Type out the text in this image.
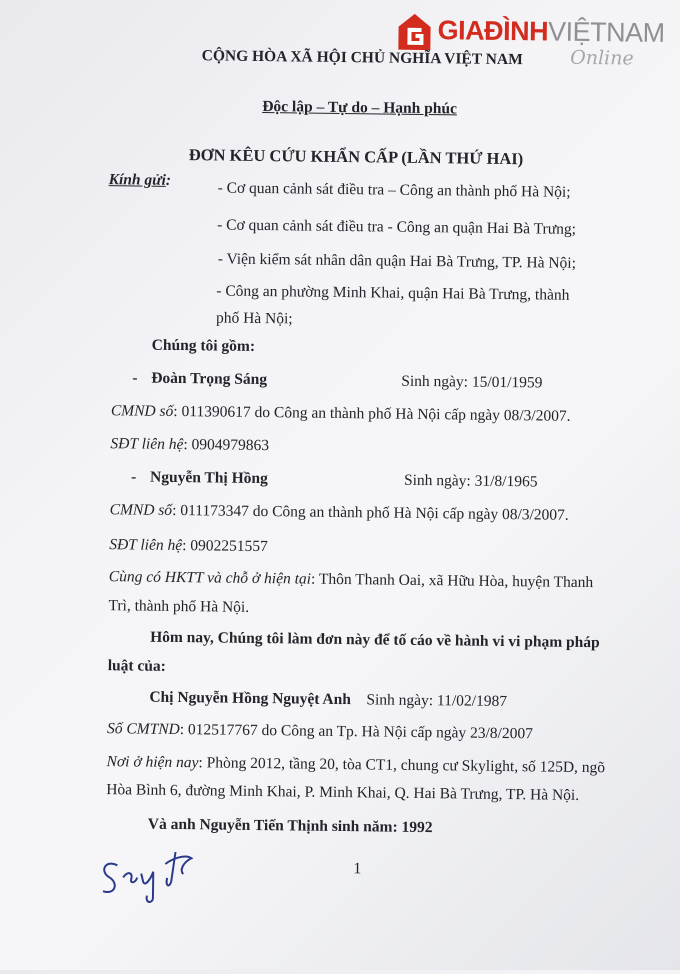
GIAĐÌNHVIỆTNAM
Online
CỘNG HÒA XÃ HỘI CHỦ NGHĨA VIỆT NAM
Độc lập – Tự do – Hạnh phúc
ĐƠN KÊU CỨU KHẨN CẤP (LẦN THỨ HAI)
Kính gửi:	- Cơ quan cảnh sát điều tra – Công an thành phố Hà Nội;
- Cơ quan cảnh sát điều tra - Công an quận Hai Bà Trưng;
- Viện kiểm sát nhân dân quận Hai Bà Trưng, TP. Hà Nội;
- Công an phường Minh Khai, quận Hai Bà Trưng, thành
phố Hà Nội;
Chúng tôi gồm:
- Đoàn Trọng Sáng	Sinh ngày: 15/01/1959
CMND số: 011390617 do Công an thành phố Hà Nội cấp ngày 08/3/2007.
SĐT liên hệ: 0904979863
- Nguyễn Thị Hồng	Sinh ngày: 31/8/1965
CMND số: 011173347 do Công an thành phố Hà Nội cấp ngày 08/3/2007.
SĐT liên hệ: 0902251557
Cùng có HKTT và chỗ ở hiện tại: Thôn Thanh Oai, xã Hữu Hòa, huyện Thanh
Trì, thành phố Hà Nội.
Hôm nay, Chúng tôi làm đơn này để tố cáo về hành vi vi phạm pháp
luật của:
Chị Nguyễn Hồng Nguyệt Anh Sinh ngày: 11/02/1987
Số CMTND: 012517767 do Công an Tp. Hà Nội cấp ngày 23/8/2007
Nơi ở hiện nay: Phòng 2012, tầng 20, tòa CT1, chung cư Skylight, số 125D, ngõ
Hòa Bình 6, đường Minh Khai, P. Minh Khai, Q. Hai Bà Trưng, TP. Hà Nội.
Và anh Nguyễn Tiến Thịnh sinh năm: 1992
1
